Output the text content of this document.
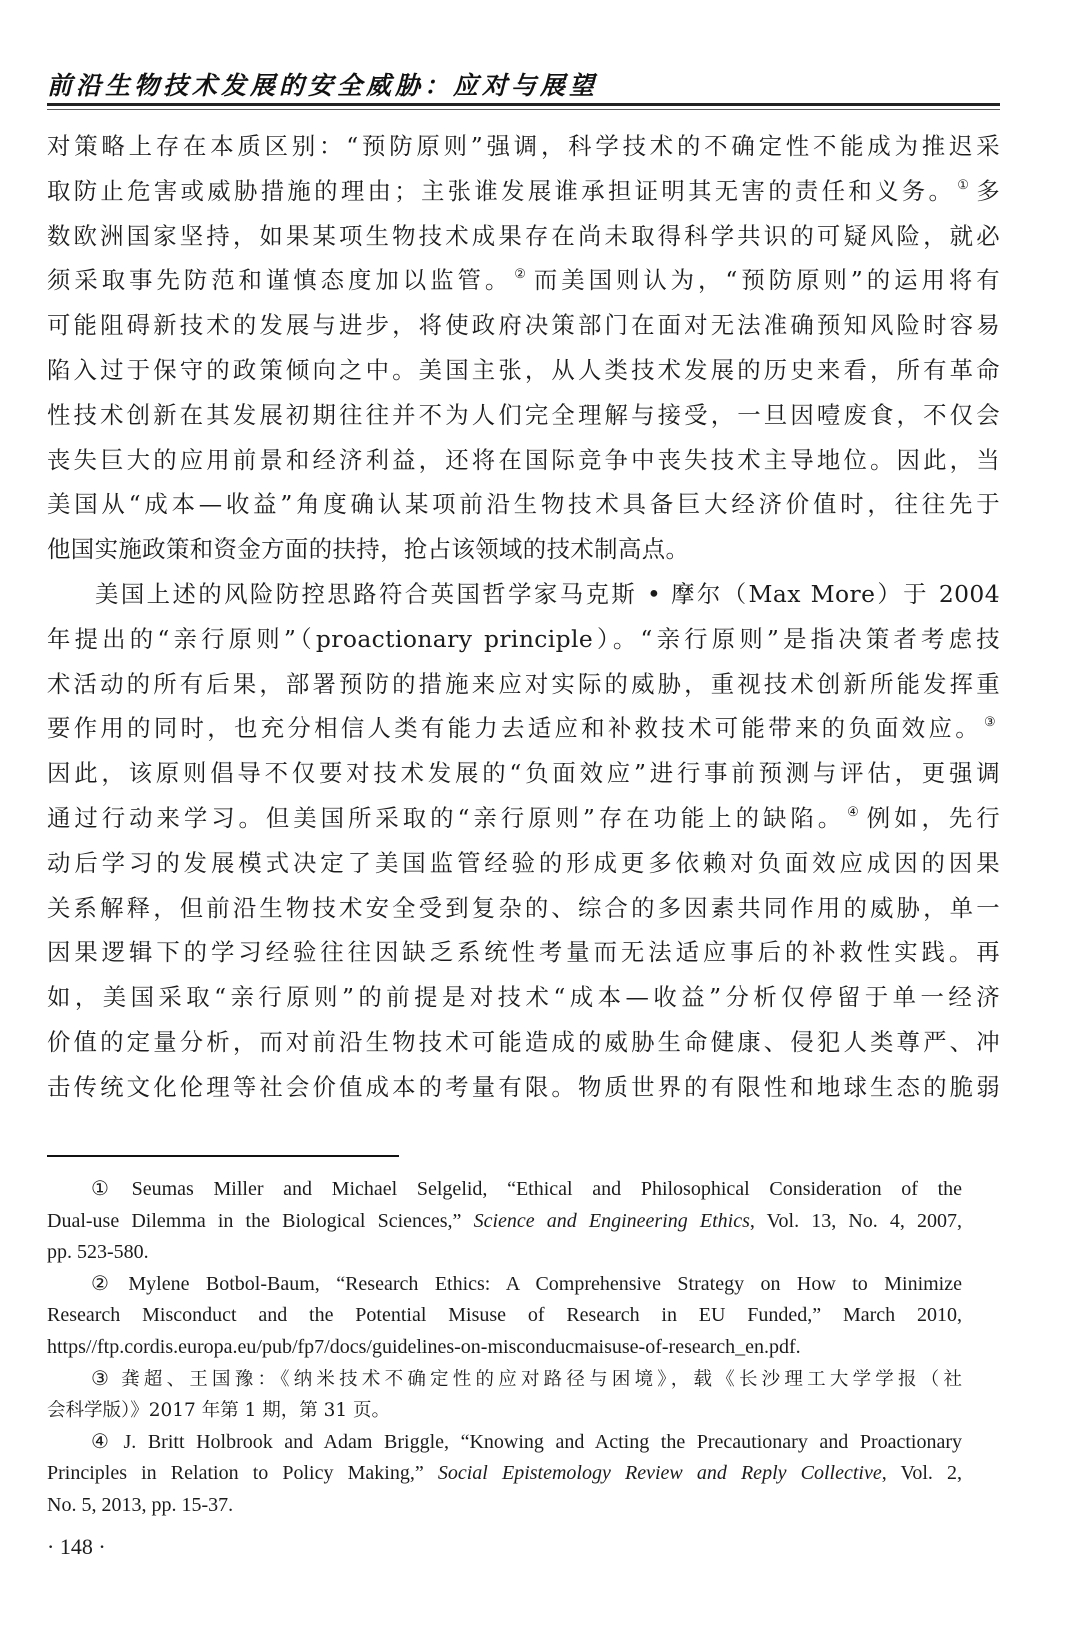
前沿生物技术发展的安全威胁：应对与展望

对策略上存在本质区别：“预防原则”强调，科学技术的不确定性不能成为推迟采
取防止危害或威胁措施的理由；主张谁发展谁承担证明其无害的责任和义务。 ① 多
数欧洲国家坚持，如果某项生物技术成果存在尚未取得科学共识的可疑风险，就必
须采取事先防范和谨慎态度加以监管。 ② 而美国则认为，“预防原则”的运用将有
可能阻碍新技术的发展与进步，将使政府决策部门在面对无法准确预知风险时容易
陷入过于保守的政策倾向之中。美国主张，从人类技术发展的历史来看，所有革命
性技术创新在其发展初期往往并不为人们完全理解与接受，一旦因噎废食，不仅会
丧失巨大的应用前景和经济利益，还将在国际竞争中丧失技术主导地位。因此，当
美国从“成本—收益”角度确认某项前沿生物技术具备巨大经济价值时，往往先于
他国实施政策和资金方面的扶持，抢占该领域的技术制高点。

美国上述的风险防控思路符合英国哲学家马克斯 • 摩尔（Max More）于 2004
年提出的“亲行原则”（proactionary principle）。“亲行原则”是指决策者考虑技
术活动的所有后果，部署预防的措施来应对实际的威胁，重视技术创新所能发挥重
要作用的同时，也充分相信人类有能力去适应和补救技术可能带来的负面效应。 ③
因此，该原则倡导不仅要对技术发展的“负面效应”进行事前预测与评估，更强调
通过行动来学习。但美国所采取的“亲行原则”存在功能上的缺陷。 ④ 例如，先行
动后学习的发展模式决定了美国监管经验的形成更多依赖对负面效应成因的因果
关系解释，但前沿生物技术安全受到复杂的、综合的多因素共同作用的威胁，单一
因果逻辑下的学习经验往往因缺乏系统性考量而无法适应事后的补救性实践。再
如，美国采取“亲行原则”的前提是对技术“成本—收益”分析仅停留于单一经济
价值的定量分析，而对前沿生物技术可能造成的威胁生命健康、侵犯人类尊严、冲
击传统文化伦理等社会价值成本的考量有限。物质世界的有限性和地球生态的脆弱

① Seumas Miller and Michael Selgelid, “Ethical and Philosophical Consideration of the
Dual-use Dilemma in the Biological Sciences,” Science and Engineering Ethics, Vol. 13, No. 4, 2007,
pp. 523-580.
② Mylene Botbol-Baum, “Research Ethics: A Comprehensive Strategy on How to Minimize
Research Misconduct and the Potential Misuse of Research in EU Funded,” March 2010,
https//ftp.cordis.europa.eu/pub/fp7/docs/guidelines-on-misconducmaisuse-of-research_en.pdf.
③ 龚超、王国豫：《纳米技术不确定性的应对路径与困境》，载《长沙理工大学学报（社
会科学版）》2017 年第 1 期，第 31 页。
④ J. Britt Holbrook and Adam Briggle, “Knowing and Acting the Precautionary and Proactionary
Principles in Relation to Policy Making,” Social Epistemology Review and Reply Collective, Vol. 2,
No. 5, 2013, pp. 15-37.
· 148 ·
